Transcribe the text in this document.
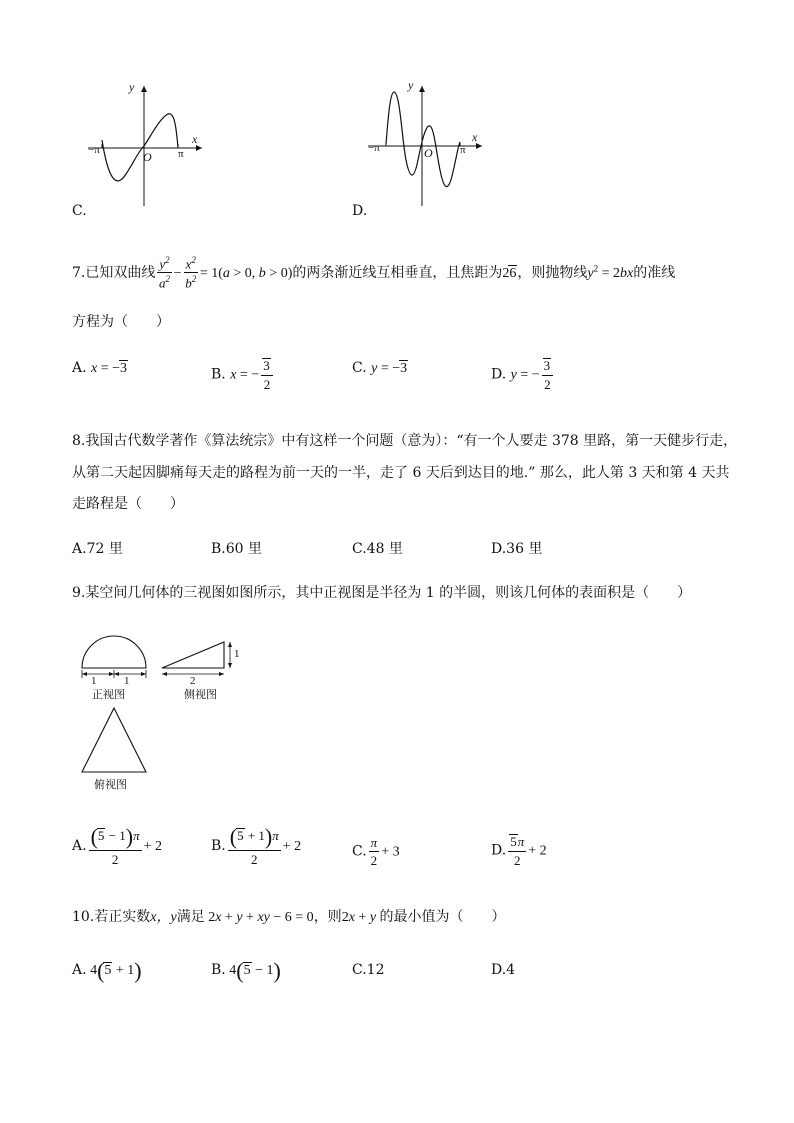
y
x
O
−π	π
C.
y
x
O
−π	π
D.
7.已知双曲线 $\frac{y^2}{a^2} - \frac{x^2}{b^2} = 1(a > 0$, b > 0)的两条渐近线互相垂直，且焦距为26，则抛物线$y^2 = 2bx$的准线
方程为（　　）
A. x = −3	B. x = − $\frac{3}{2}$	C. y = −3	D. y = − $\frac{3}{2}$
8.我国古代数学著作《算法统宗》中有这样一个问题（意为）：“有一个人要走 378 里路，第一天健步行走，
从第二天起因脚痛每天走的路程为前一天的一半，走了 6 天后到达目的地.” 那么，此人第 3 天和第 4 天共
走路程是（　　）
A.72 里	B.60 里	C.48 里	D.36 里
9.某空间几何体的三视图如图所示，其中正视图是半径为 1 的半圆，则该几何体的表面积是（　　）
1	1	2
1
正视图	侧视图
俯视图
A. $\frac{(5 - 1)\pi}{2} + 2$	B. $\frac{(5 + 1)\pi}{2} + 2$	C. $\frac{\pi}{2} + 3$	D. $\frac{5\pi}{2} + 2$
10.若正实数x，y满足 2x + y + xy − 6 = 0，则2x + y 的最小值为（　　）
A. 4(5 + 1)	B. 4(5 − 1)	C.12	D.4
